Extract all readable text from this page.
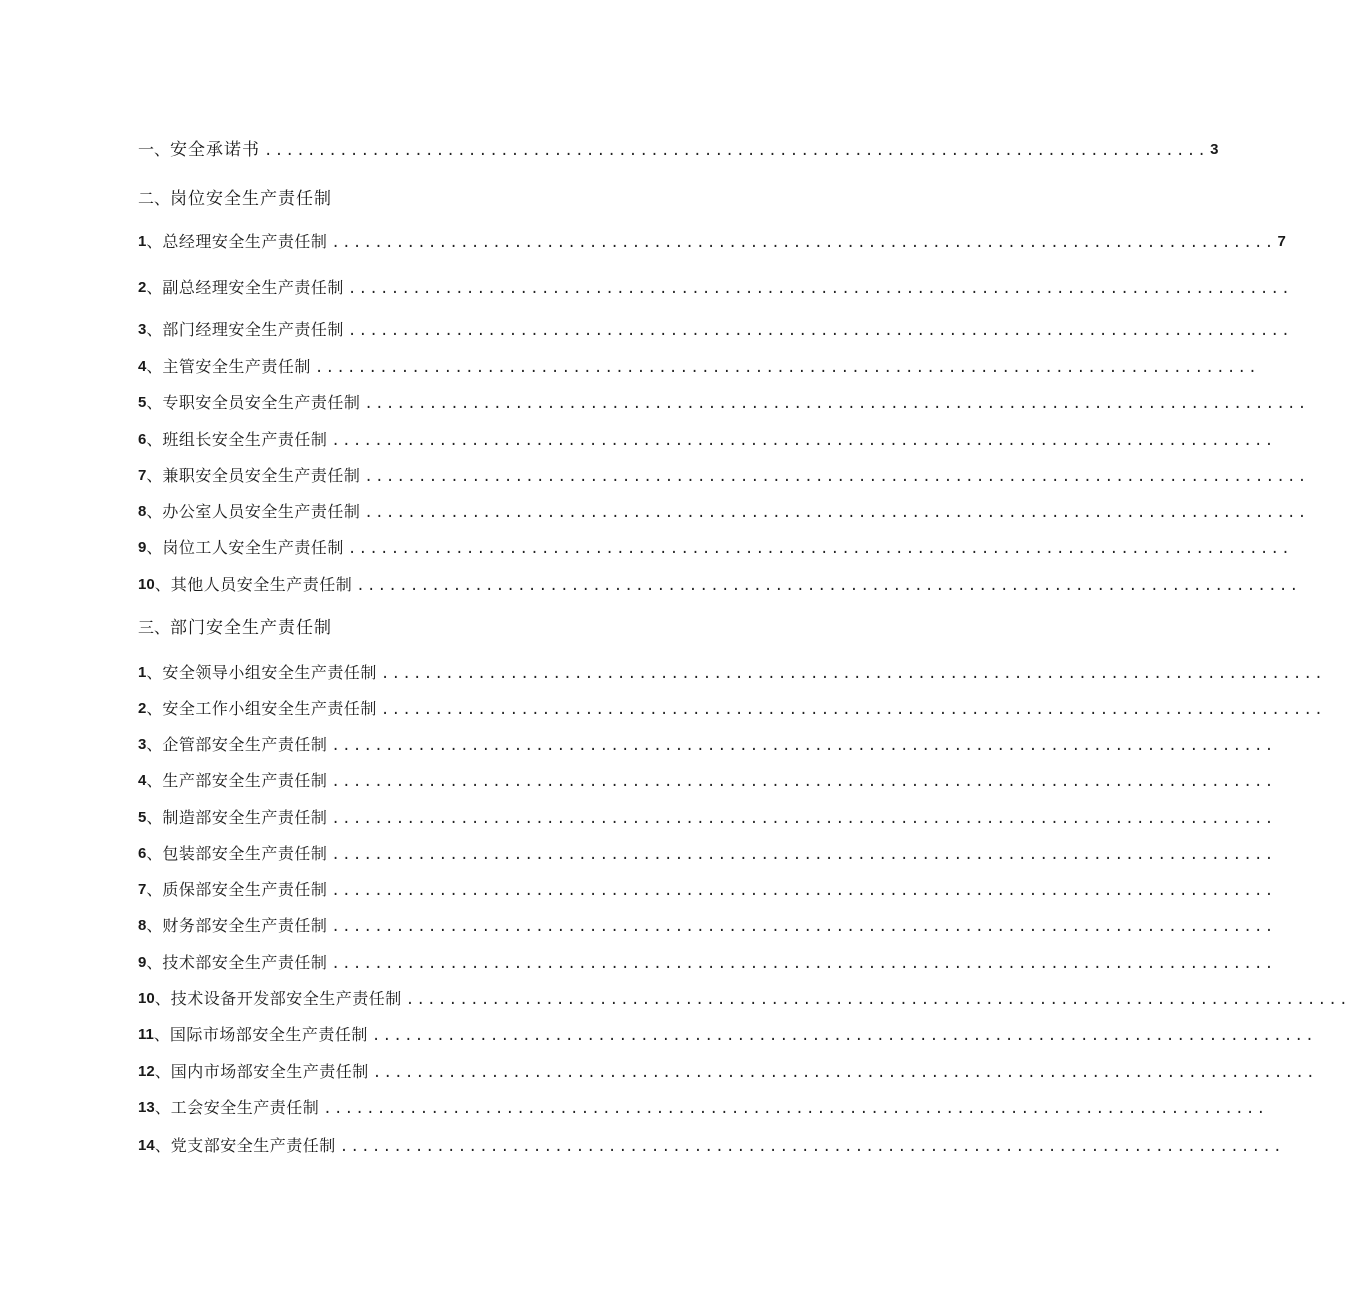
一 、 安全承诺书 ........................................................................................ 3
二 、 岗位安全生产责任制
1 、 总经理安全生产责任制 ........................................................................................ 7
2 、 副总经理安全生产责任制 ........................................................................................
3 、 部门经理安全生产责任制 ........................................................................................
4 、 主管安全生产责任制 ........................................................................................
5 、 专职安全员安全生产责任制 ........................................................................................
6 、 班组长安全生产责任制 ........................................................................................
7 、 兼职安全员安全生产责任制 ........................................................................................
8 、 办公室人员安全生产责任制 ........................................................................................
9 、 岗位工人安全生产责任制 ........................................................................................
10 、 其他人员安全生产责任制 ........................................................................................
三 、 部门安全生产责任制
1 、 安全领导小组安全生产责任制 ........................................................................................
2 、 安全工作小组安全生产责任制 ........................................................................................
3 、 企管部安全生产责任制 ........................................................................................
4 、 生产部安全生产责任制 ........................................................................................
5 、 制造部安全生产责任制 ........................................................................................
6 、 包装部安全生产责任制 ........................................................................................
7 、 质保部安全生产责任制 ........................................................................................
8 、 财务部安全生产责任制 ........................................................................................
9 、 技术部安全生产责任制 ........................................................................................
10 、 技术设备开发部安全生产责任制 ........................................................................................
11 、 国际市场部安全生产责任制 ........................................................................................
12 、 国内市场部安全生产责任制 ........................................................................................
13 、 工会安全生产责任制 ........................................................................................
14 、 党支部安全生产责任制 ........................................................................................
